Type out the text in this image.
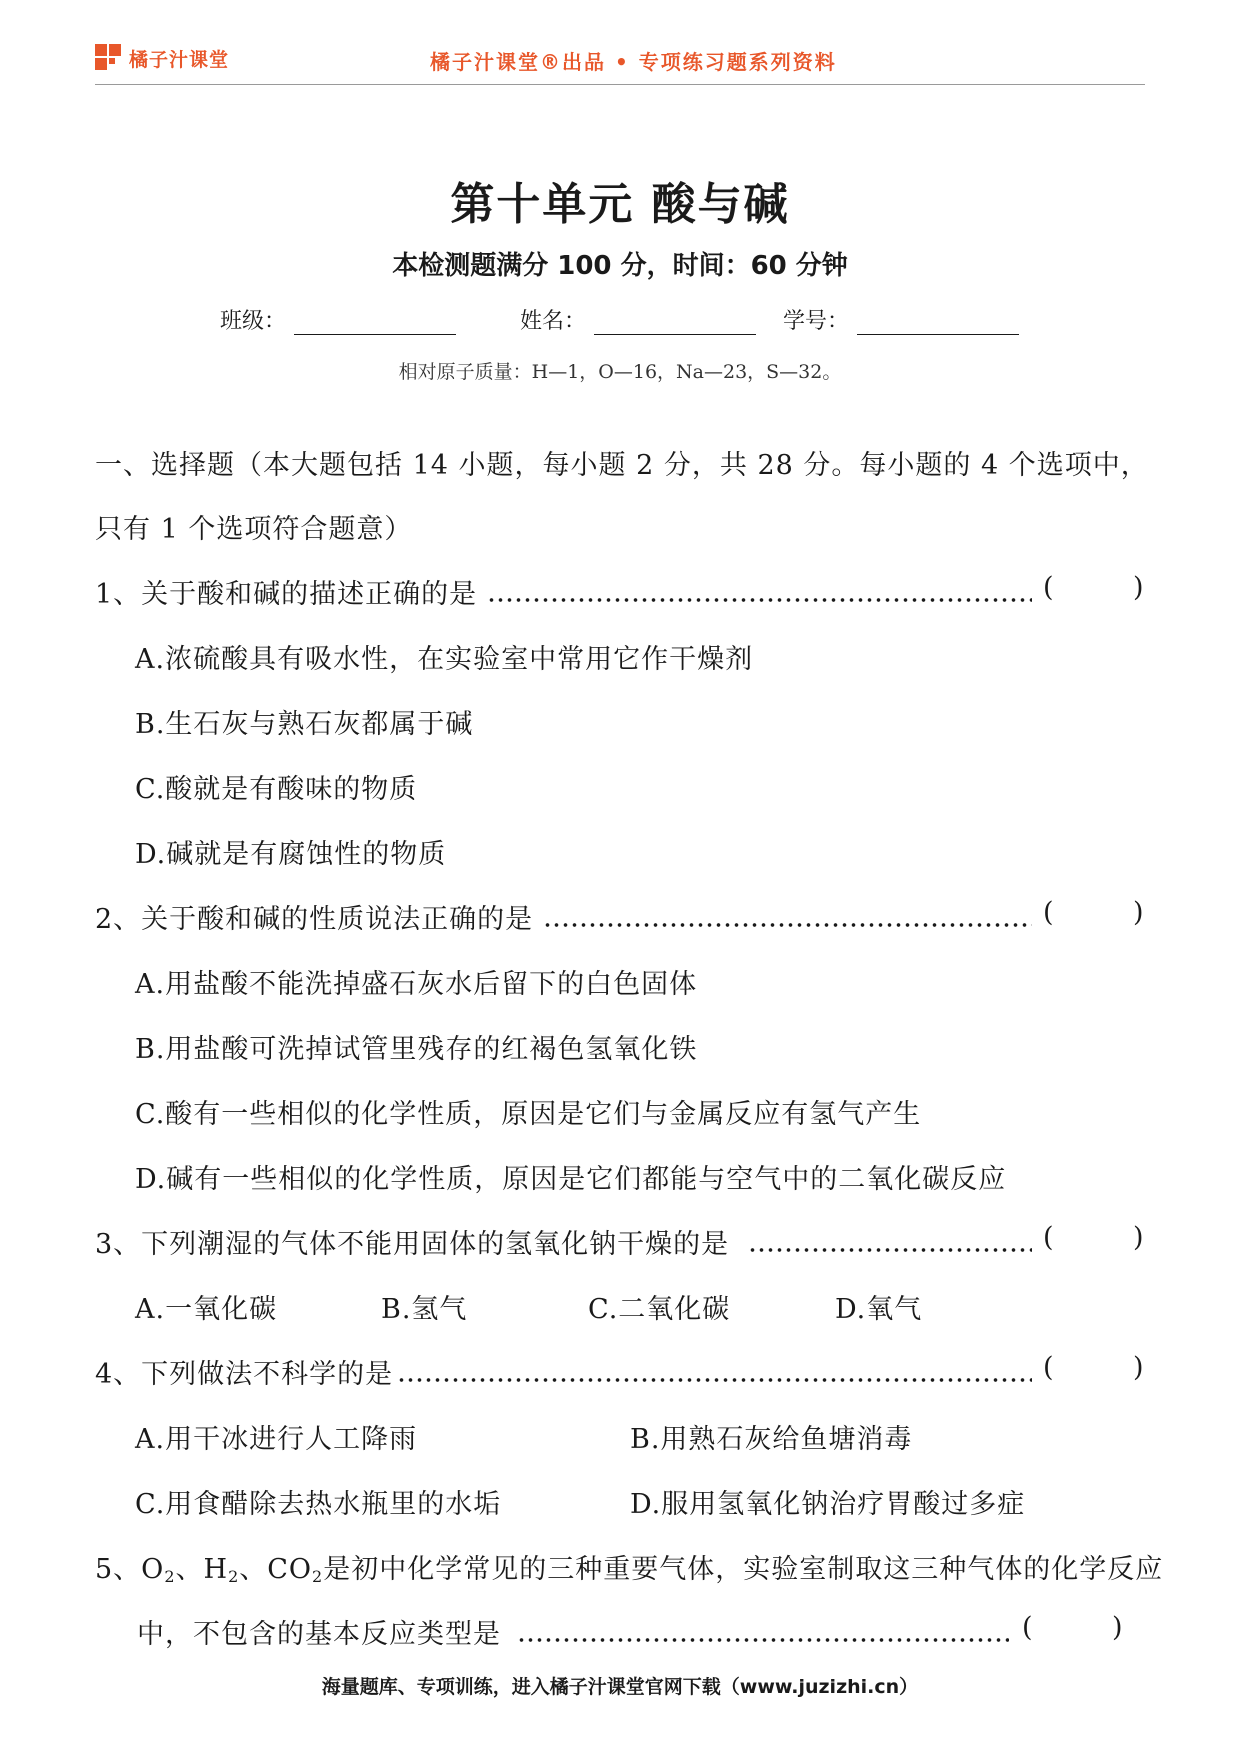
橘子汁课堂	橘子汁课堂®出品 • 专项练习题系列资料
第十单元 酸与碱
本检测题满分 100 分，时间：60 分钟
班级：	姓名：	学号：
相对原子质量：H—1，O—16，Na—23，S—32。
一、选择题（本大题包括 14 小题，每小题 2 分，共 28 分。每小题的 4 个选项中，
只有 1 个选项符合题意）
1、关于酸和碱的描述正确的是	(	)
A.浓硫酸具有吸水性，在实验室中常用它作干燥剂
B.生石灰与熟石灰都属于碱
C.酸就是有酸味的物质
D.碱就是有腐蚀性的物质
2、关于酸和碱的性质说法正确的是	(	)
A.用盐酸不能洗掉盛石灰水后留下的白色固体
B.用盐酸可洗掉试管里残存的红褐色氢氧化铁
C.酸有一些相似的化学性质，原因是它们与金属反应有氢气产生
D.碱有一些相似的化学性质，原因是它们都能与空气中的二氧化碳反应
3、下列潮湿的气体不能用固体的氢氧化钠干燥的是	(	)
A.一氧化碳	B.氢气	C.二氧化碳	D.氧气
4、下列做法不科学的是	(	)
A.用干冰进行人工降雨	B.用熟石灰给鱼塘消毒
C.用食醋除去热水瓶里的水垢	D.服用氢氧化钠治疗胃酸过多症
5、$O_2$、$H_2$、$CO_2$是初中化学常见的三种重要气体，实验室制取这三种气体的化学反应
中，不包含的基本反应类型是	(	)
海量题库、专项训练，进入橘子汁课堂官网下载（www.juzizhi.cn）
